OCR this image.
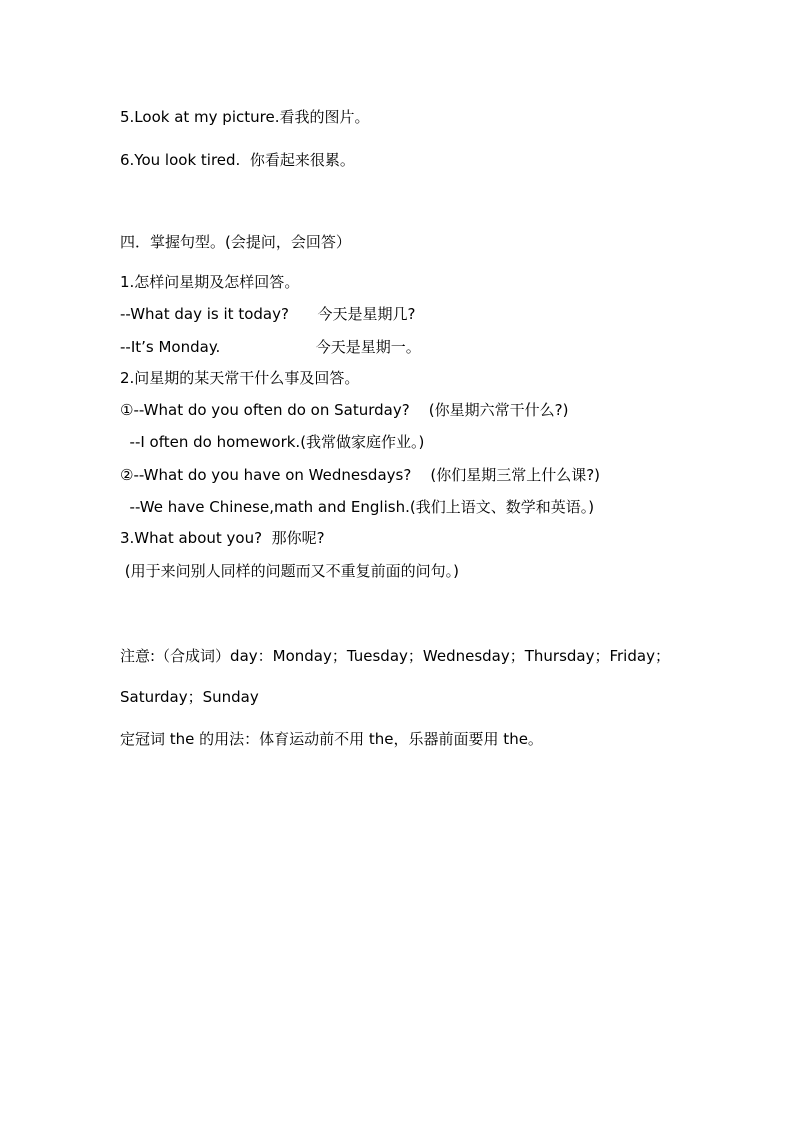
5.Look at my picture.看我的图片。
6.You look tired.  你看起来很累。
四．掌握句型。(会提问，会回答）
1.怎样问星期及怎样回答。
--What day is it today?      今天是星期几?
--It’s Monday.                    今天是星期一。
2.问星期的某天常干什么事及回答。
①--What do you often do on Saturday?    (你星期六常干什么?)
--I often do homework.(我常做家庭作业。)
②--What do you have on Wednesdays?    (你们星期三常上什么课?)
--We have Chinese,math and English.(我们上语文、数学和英语。)
3.What about you?  那你呢?
(用于来问别人同样的问题而又不重复前面的问句。)
注意:（合成词）day：Monday；Tuesday；Wednesday；Thursday；Friday；
Saturday；Sunday
定冠词 the 的用法：体育运动前不用 the，乐器前面要用 the。
